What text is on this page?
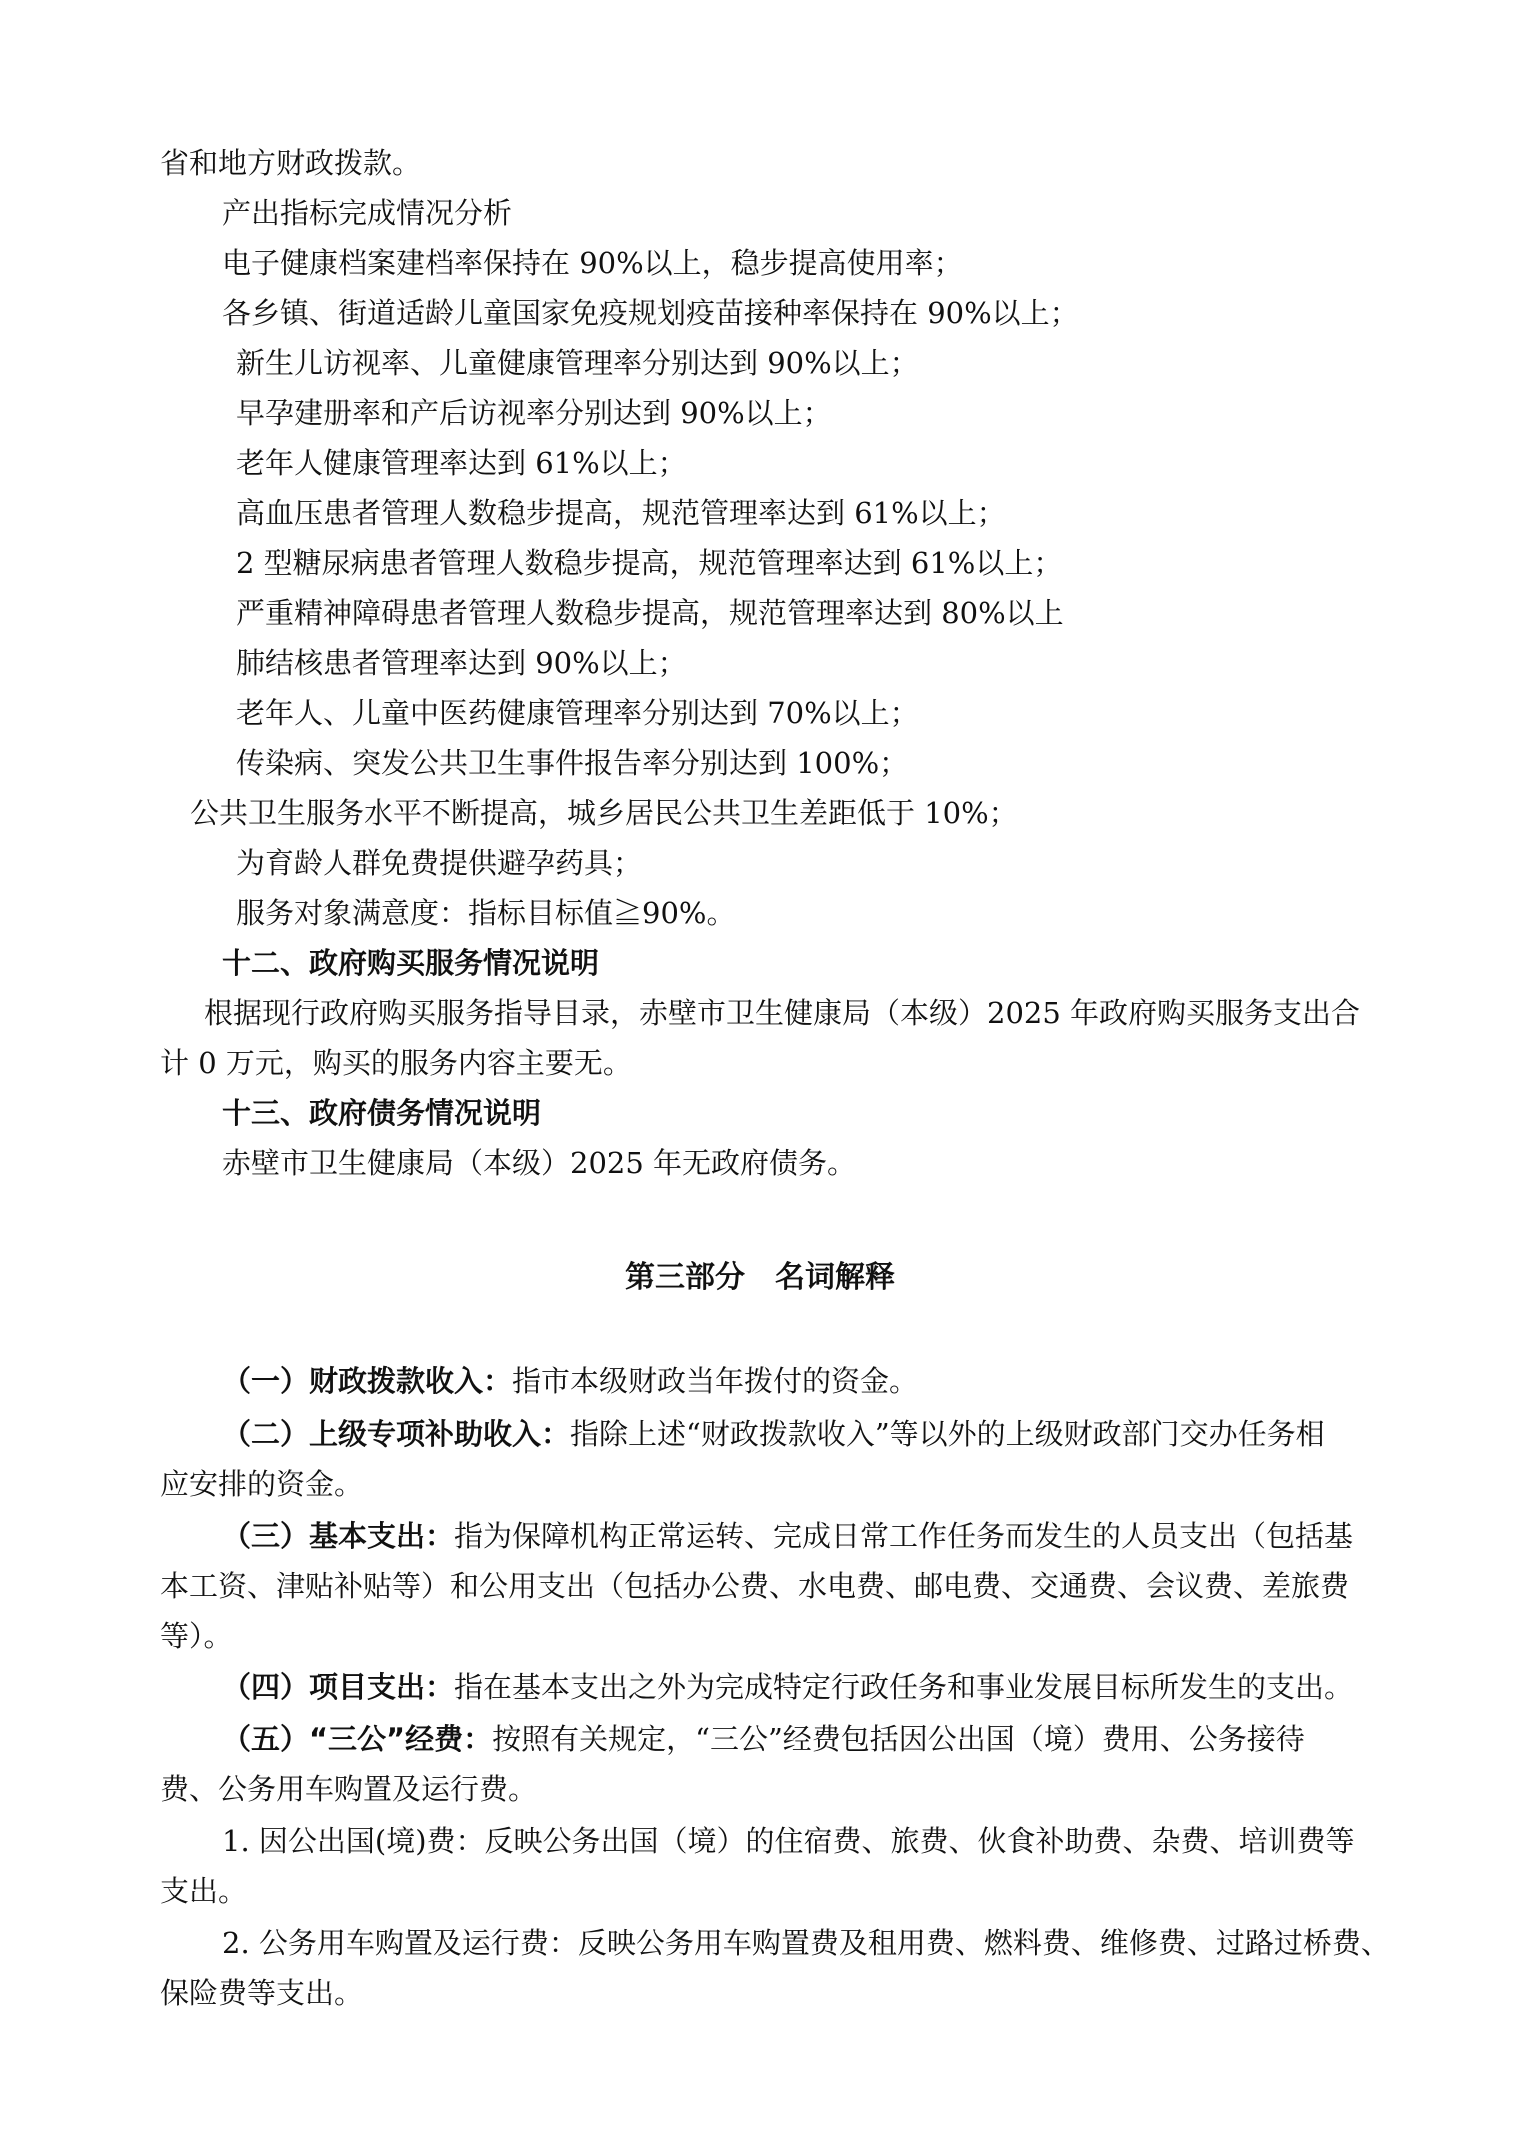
省和地方财政拨款。
产出指标完成情况分析
电子健康档案建档率保持在 90%以上，稳步提高使用率；
各乡镇、街道适龄儿童国家免疫规划疫苗接种率保持在 90%以上；
新生儿访视率、儿童健康管理率分别达到 90%以上；
早孕建册率和产后访视率分别达到 90%以上；
老年人健康管理率达到 61%以上；
高血压患者管理人数稳步提高，规范管理率达到 61%以上；
2 型糖尿病患者管理人数稳步提高，规范管理率达到 61%以上；
严重精神障碍患者管理人数稳步提高，规范管理率达到 80%以上
肺结核患者管理率达到 90%以上；
老年人、儿童中医药健康管理率分别达到 70%以上；
传染病、突发公共卫生事件报告率分别达到 100%；
公共卫生服务水平不断提高，城乡居民公共卫生差距低于 10%；
为育龄人群免费提供避孕药具；
服务对象满意度：指标目标值≧90%。
十二、政府购买服务情况说明
根据现行政府购买服务指导目录，赤壁市卫生健康局（本级）2025 年政府购买服务支出合
计 0 万元，购买的服务内容主要无。
十三、政府债务情况说明
赤壁市卫生健康局（本级）2025 年无政府债务。
第三部分　名词解释
（一）财政拨款收入：指市本级财政当年拨付的资金。
（二）上级专项补助收入：指除上述“财政拨款收入”等以外的上级财政部门交办任务相
应安排的资金。
（三）基本支出：指为保障机构正常运转、完成日常工作任务而发生的人员支出（包括基
本工资、津贴补贴等）和公用支出（包括办公费、水电费、邮电费、交通费、会议费、差旅费
等）。
（四）项目支出：指在基本支出之外为完成特定行政任务和事业发展目标所发生的支出。
（五）“三公”经费：按照有关规定，“三公”经费包括因公出国（境）费用、公务接待
费、公务用车购置及运行费。
1. 因公出国(境)费：反映公务出国（境）的住宿费、旅费、伙食补助费、杂费、培训费等
支出。
2. 公务用车购置及运行费：反映公务用车购置费及租用费、燃料费、维修费、过路过桥费、
保险费等支出。
